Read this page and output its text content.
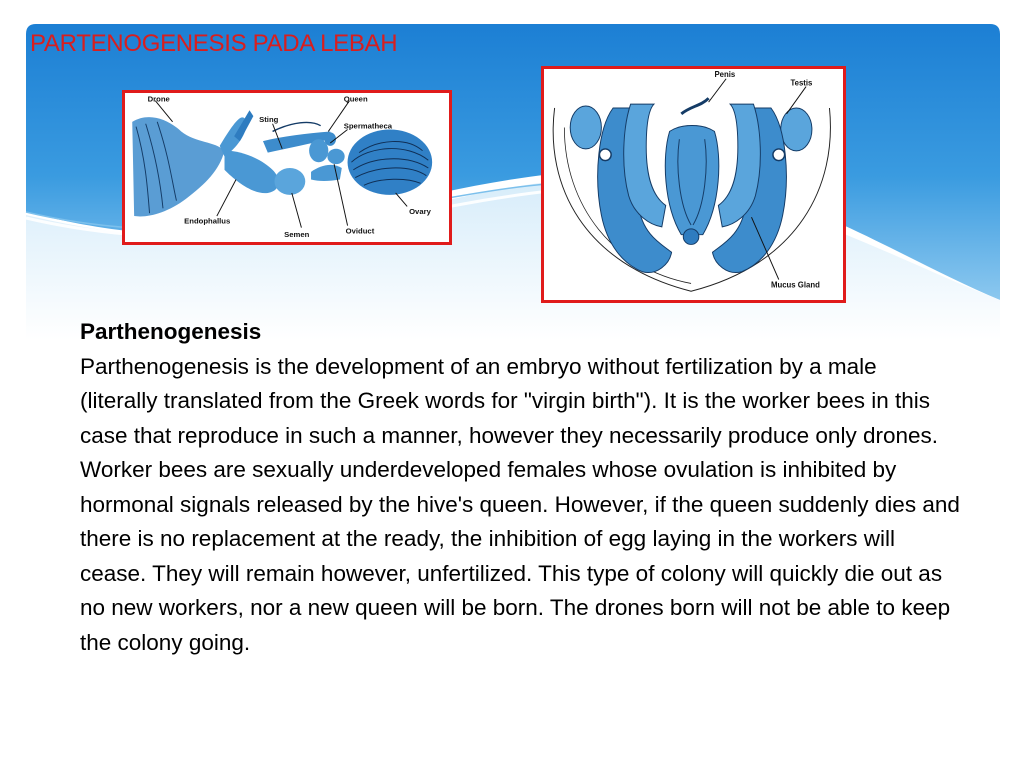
PARTENOGENESIS PADA LEBAH
Drone	Queen
Sting
Spermatheca
Ovary
Endophallus
Semen	Oviduct
Penis
Testis
Mucus Gland

Parthenogenesis

Parthenogenesis is the development of an embryo without fertilization by a male (literally translated from the Greek words for "virgin birth"). It is the worker bees in this case that reproduce in such a manner, however they necessarily produce only drones.

Worker bees are sexually underdeveloped females whose ovulation is inhibited by hormonal signals released by the hive's queen. However, if the queen suddenly dies and there is no replacement at the ready, the inhibition of egg laying in the workers will cease. They will remain however, unfertilized. This type of colony will quickly die out as no new workers, nor a new queen will be born. The drones born will not be able to keep the colony going.
